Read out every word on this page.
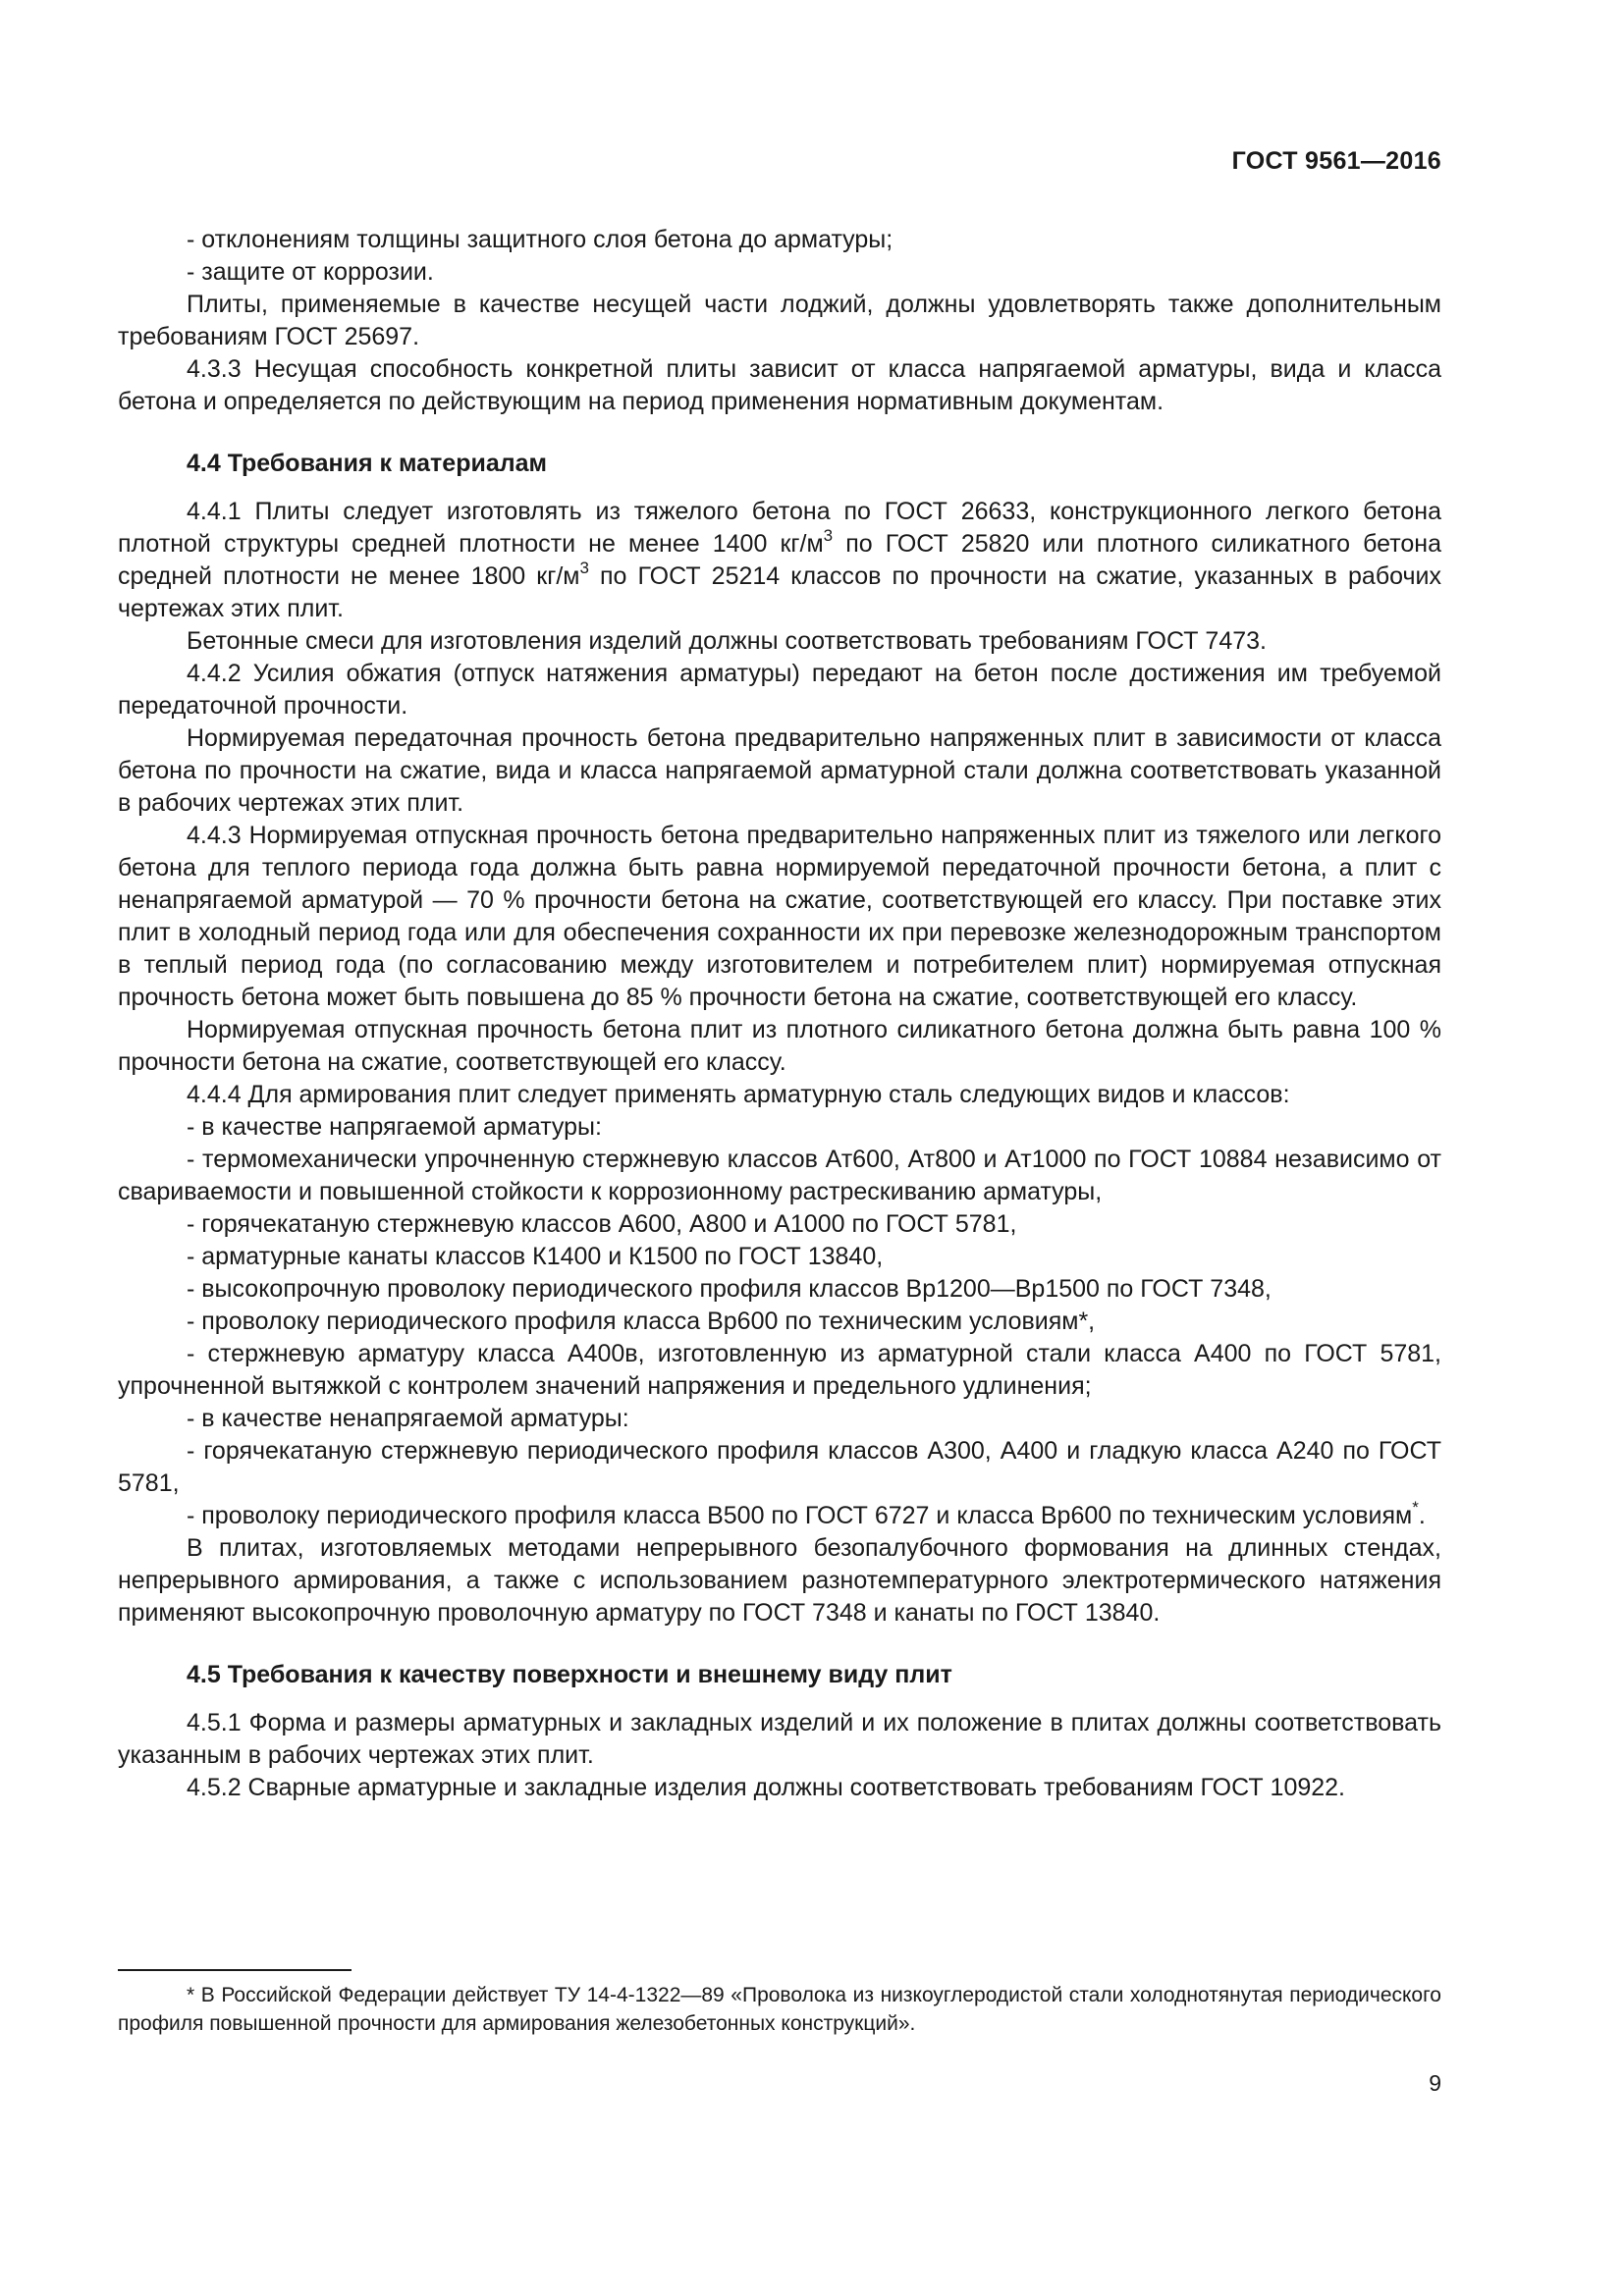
ГОСТ 9561—2016

- отклонениям толщины защитного слоя бетона до арматуры;

- защите от коррозии.

Плиты, применяемые в качестве несущей части лоджий, должны удовлетворять также дополнительным требованиям ГОСТ 25697.

4.3.3 Несущая способность конкретной плиты зависит от класса напрягаемой арматуры, вида и класса бетона и определяется по действующим на период применения нормативным документам.

4.4 Требования к материалам

4.4.1 Плиты следует изготовлять из тяжелого бетона по ГОСТ 26633, конструкционного легкого бетона плотной структуры средней плотности не менее 1400 $кг/м^3$ по ГОСТ 25820 или плотного силикатного бетона средней плотности не менее 1800 $кг/м^3$ по ГОСТ 25214 классов по прочности на сжатие, указанных в рабочих чертежах этих плит.

Бетонные смеси для изготовления изделий должны соответствовать требованиям ГОСТ 7473.

4.4.2 Усилия обжатия (отпуск натяжения арматуры) передают на бетон после достижения им требуемой передаточной прочности.

Нормируемая передаточная прочность бетона предварительно напряженных плит в зависимости от класса бетона по прочности на сжатие, вида и класса напрягаемой арматурной стали должна соответствовать указанной в рабочих чертежах этих плит.

4.4.3 Нормируемая отпускная прочность бетона предварительно напряженных плит из тяжелого или легкого бетона для теплого периода года должна быть равна нормируемой передаточной прочности бетона, а плит с ненапрягаемой арматурой — 70 % прочности бетона на сжатие, соответствующей его классу. При поставке этих плит в холодный период года или для обеспечения сохранности их при перевозке железнодорожным транспортом в теплый период года (по согласованию между изготовителем и потребителем плит) нормируемая отпускная прочность бетона может быть повышена до 85 % прочности бетона на сжатие, соответствующей его классу.

Нормируемая отпускная прочность бетона плит из плотного силикатного бетона должна быть равна 100 % прочности бетона на сжатие, соответствующей его классу.

4.4.4 Для армирования плит следует применять арматурную сталь следующих видов и классов:

- в качестве напрягаемой арматуры:

- термомеханически упрочненную стержневую классов Ат600, Ат800 и Ат1000 по ГОСТ 10884 независимо от свариваемости и повышенной стойкости к коррозионному растрескиванию арматуры,

- горячекатаную стержневую классов А600, А800 и А1000 по ГОСТ 5781,

- арматурные канаты классов К1400 и К1500 по ГОСТ 13840,

- высокопрочную проволоку периодического профиля классов Вр1200—Вр1500 по ГОСТ 7348,

- проволоку периодического профиля класса Вр600 по техническим условиям*,

- стержневую арматуру класса А400в, изготовленную из арматурной стали класса А400 по ГОСТ 5781, упрочненной вытяжкой с контролем значений напряжения и предельного удлинения;

- в качестве ненапрягаемой арматуры:

- горячекатаную стержневую периодического профиля классов А300, А400 и гладкую класса А240 по ГОСТ 5781,

- проволоку периодического профиля класса В500 по ГОСТ 6727 и класса Вр600 по техническим условиям*.

В плитах, изготовляемых методами непрерывного безопалубочного формования на длинных стендах, непрерывного армирования, а также с использованием разнотемпературного электротермического натяжения применяют высокопрочную проволочную арматуру по ГОСТ 7348 и канаты по ГОСТ 13840.

4.5 Требования к качеству поверхности и внешнему виду плит

4.5.1 Форма и размеры арматурных и закладных изделий и их положение в плитах должны соответствовать указанным в рабочих чертежах этих плит.

4.5.2 Сварные арматурные и закладные изделия должны соответствовать требованиям ГОСТ 10922.

* В Российской Федерации действует ТУ 14-4-1322—89 «Проволока из низкоуглеродистой стали холоднотянутая периодического профиля повышенной прочности для армирования железобетонных конструкций».

9
